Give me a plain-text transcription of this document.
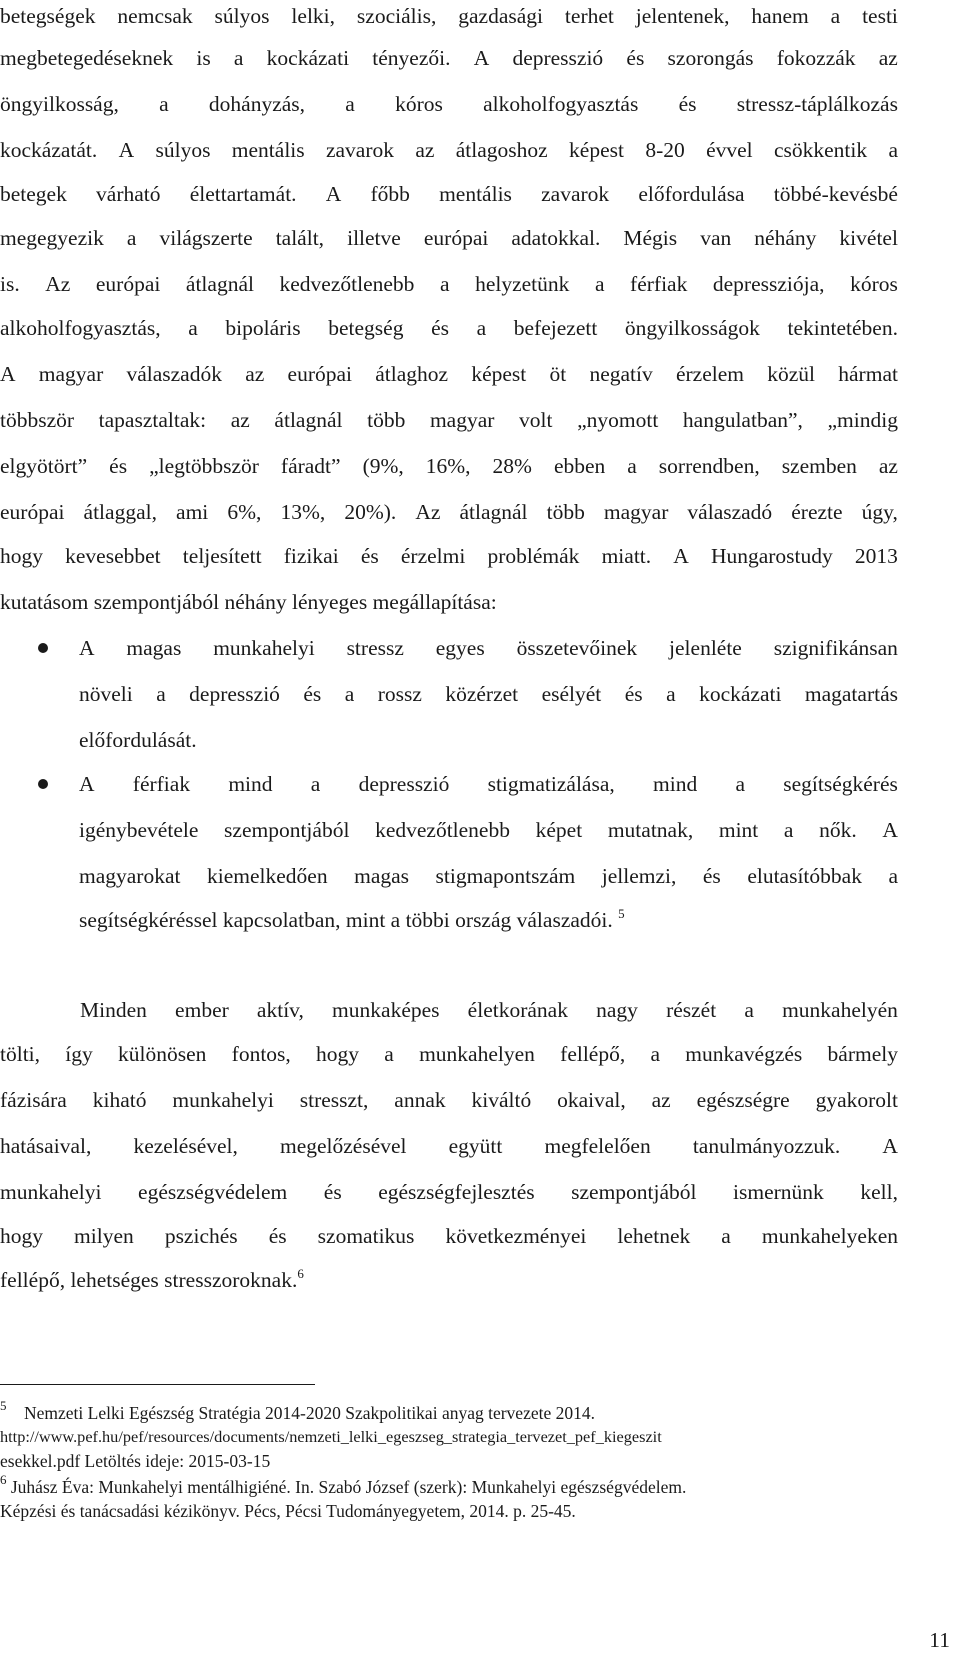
betegségek nemcsak súlyos lelki, szociális, gazdasági terhet jelentenek, hanem a testi
megbetegedéseknek is a kockázati tényezői. A depresszió és szorongás fokozzák az
öngyilkosság, a dohányzás, a kóros alkoholfogyasztás és stressz-táplálkozás
kockázatát. A súlyos mentális zavarok az átlagoshoz képest 8-20 évvel csökkentik a
betegek várható élettartamát. A főbb mentális zavarok előfordulása többé-kevésbé
megegyezik a világszerte talált, illetve európai adatokkal. Mégis van néhány kivétel
is. Az európai átlagnál kedvezőtlenebb a helyzetünk a férfiak depressziója, kóros
alkoholfogyasztás, a bipoláris betegség és a befejezett öngyilkosságok tekintetében.
A magyar válaszadók az európai átlaghoz képest öt negatív érzelem közül hármat
többször tapasztaltak: az átlagnál több magyar volt „nyomott hangulatban”, „mindig
elgyötört” és „legtöbbször fáradt” (9%, 16%, 28% ebben a sorrendben, szemben az
európai átlaggal, ami 6%, 13%, 20%). Az átlagnál több magyar válaszadó érezte úgy,
hogy kevesebbet teljesített fizikai és érzelmi problémák miatt. A Hungarostudy 2013
kutatásom szempontjából néhány lényeges megállapítása:
A magas munkahelyi stressz egyes összetevőinek jelenléte szignifikánsan
növeli a depresszió és a rossz közérzet esélyét és a kockázati magatartás
előfordulását.
A férfiak mind a depresszió stigmatizálása, mind a segítségkérés
igénybevétele szempontjából kedvezőtlenebb képet mutatnak, mint a nők. A
magyarokat kiemelkedően magas stigmapontszám jellemzi, és elutasítóbbak a
segítségkéréssel kapcsolatban, mint a többi ország válaszadói. $^5$
Minden ember aktív, munkaképes életkorának nagy részét a munkahelyén
tölti, így különösen fontos, hogy a munkahelyen fellépő, a munkavégzés bármely
fázisára kiható munkahelyi stresszt, annak kiváltó okaival, az egészségre gyakorolt
hatásaival, kezelésével, megelőzésével együtt megfelelően tanulmányozzuk. A
munkahelyi egészségvédelem és egészségfejlesztés szempontjából ismernünk kell,
hogy milyen pszichés és szomatikus következményei lehetnek a munkahelyeken
fellépő, lehetséges stresszoroknak.$^6$
$^5$ Nemzeti Lelki Egészség Stratégia 2014-2020 Szakpolitikai anyag tervezete 2014.
http://www.pef.hu/pef/resources/documents/nemzeti_lelki_egeszseg_strategia_tervezet_pef_kiegeszit
esekkel.pdf Letöltés ideje: 2015-03-15
$^6$ Juhász Éva: Munkahelyi mentálhigiéné. In. Szabó József (szerk): Munkahelyi egészségvédelem.
Képzési és tanácsadási kézikönyv. Pécs, Pécsi Tudományegyetem, 2014. p. 25-45.
11
